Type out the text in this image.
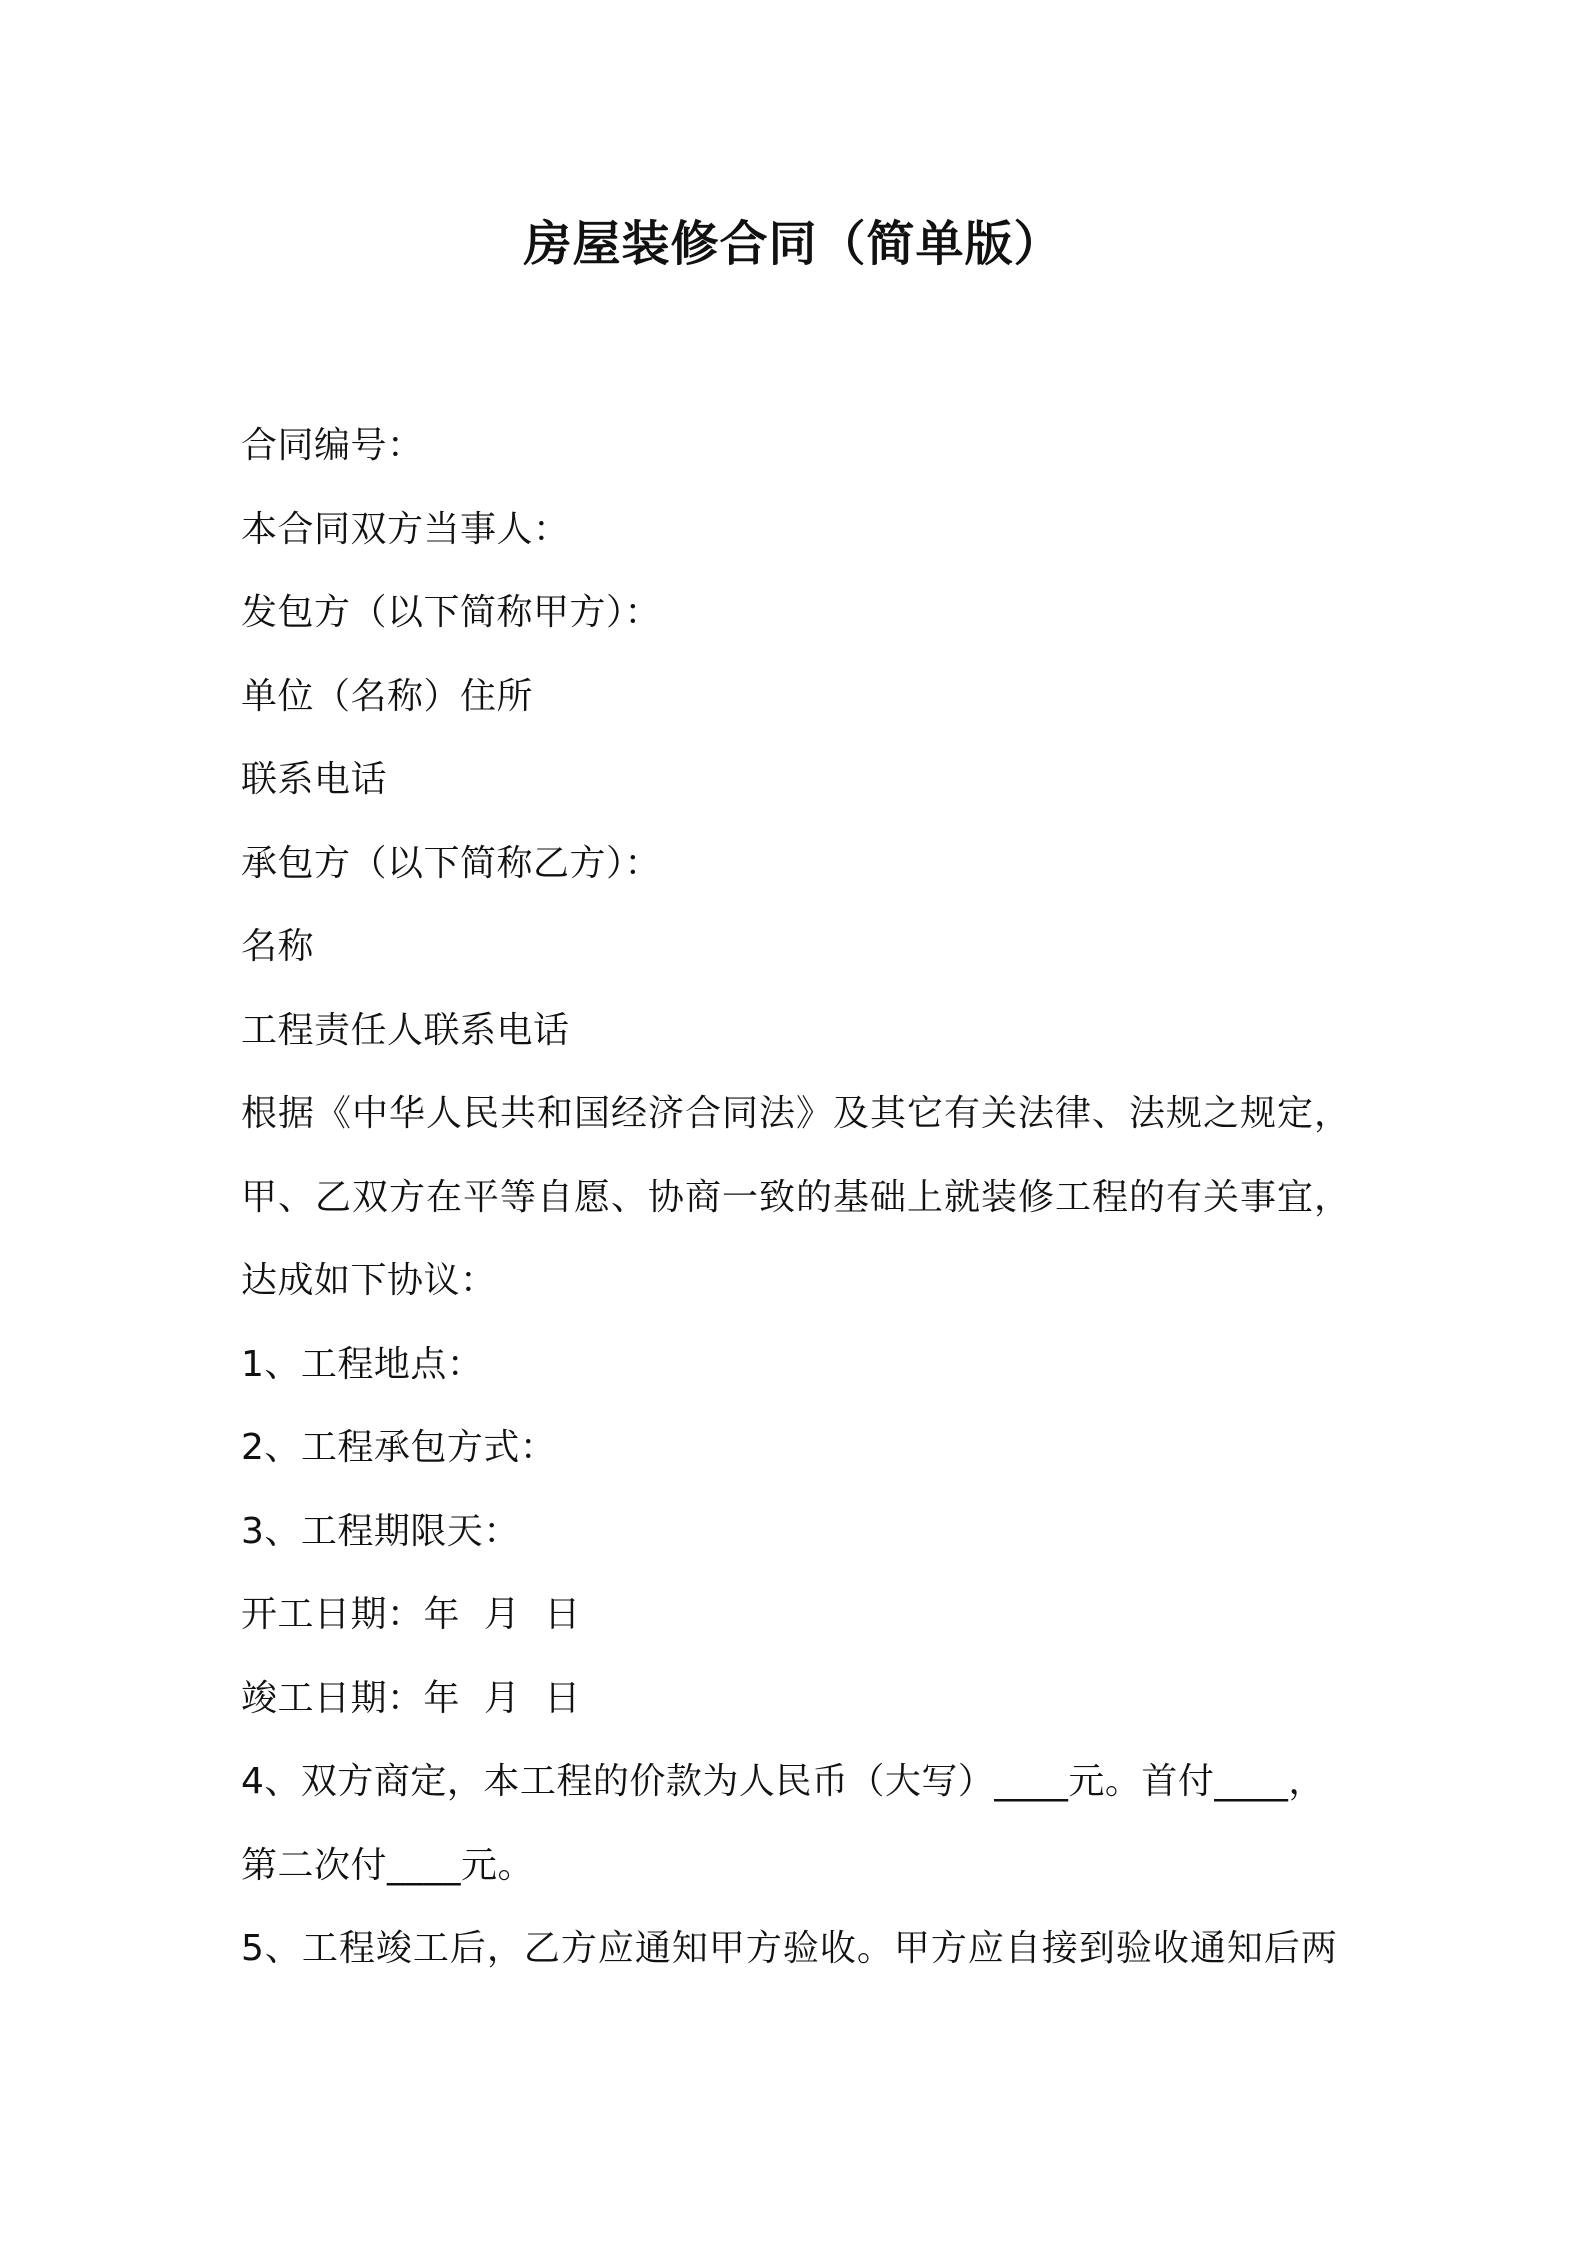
房屋装修合同（简单版）
合同编号：
本合同双方当事人：
发包方（以下简称甲方）：
单位（名称）住所
联系电话
承包方（以下简称乙方）：
名称
工程责任人联系电话
根据《中华人民共和国经济合同法》及其它有关法律、法规之规定，
甲、乙双方在平等自愿、协商一致的基础上就装修工程的有关事宜，
达成如下协议：
1、工程地点：
2、工程承包方式：
3、工程期限天：
开工日期：年  月  日
竣工日期：年  月  日
4、双方商定，本工程的价款为人民币（大写）____元。首付____，
第二次付____元。
5、工程竣工后，乙方应通知甲方验收。甲方应自接到验收通知后两
